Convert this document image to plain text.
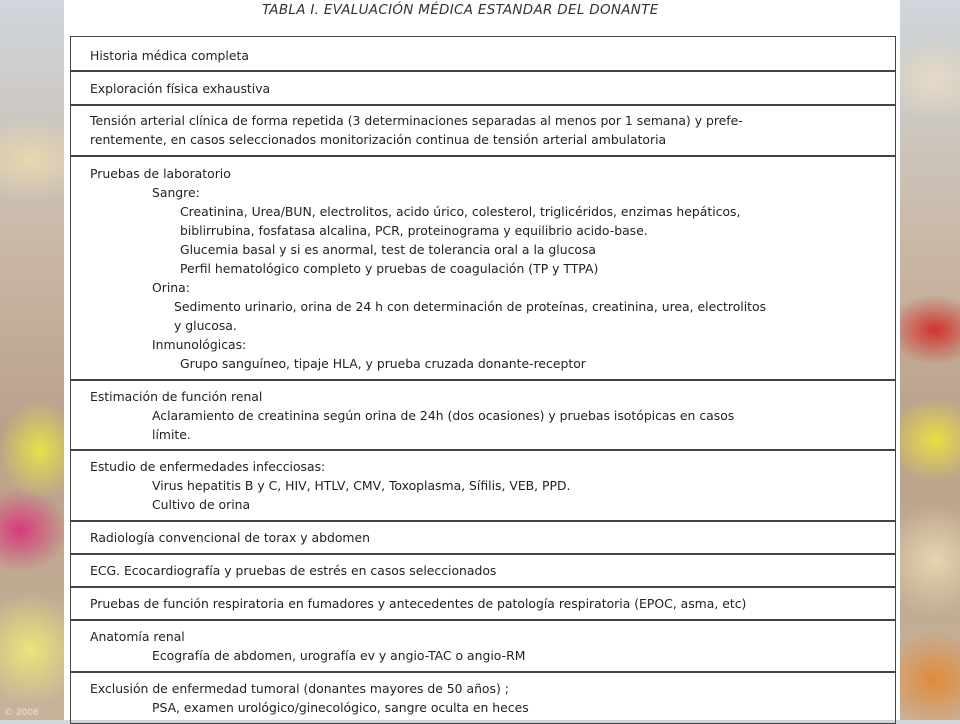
© 2006
TABLA I. EVALUACIÓN MÉDICA ESTANDAR DEL DONANTE
Historia médica completa
Exploración física exhaustiva
Tensión arterial clínica de forma repetida (3 determinaciones separadas al menos por 1 semana) y prefe-
rentemente, en casos seleccionados monitorización continua de tensión arterial ambulatoria
Pruebas de laboratorio
Sangre:
Creatinina, Urea/BUN, electrolitos, acido úrico, colesterol, triglicéridos, enzimas hepáticos,
biblirrubina, fosfatasa alcalina, PCR, proteinograma y equilibrio acido-base.
Glucemia basal y si es anormal, test de tolerancia oral a la glucosa
Perfil hematológico completo y pruebas de coagulación (TP y TTPA)
Orina:
Sedimento urinario, orina de 24 h con determinación de proteínas, creatinina, urea, electrolitos
y glucosa.
Inmunológicas:
Grupo sanguíneo, tipaje HLA, y prueba cruzada donante-receptor
Estimación de función renal
Aclaramiento de creatinina según orina de 24h (dos ocasiones) y pruebas isotópicas en casos
límite.
Estudio de enfermedades infecciosas:
Virus hepatitis B y C, HIV, HTLV, CMV, Toxoplasma, Sífilis, VEB, PPD.
Cultivo de orina
Radiología convencional de torax y abdomen
ECG. Ecocardiografía y pruebas de estrés en casos seleccionados
Pruebas de función respiratoria en fumadores y antecedentes de patología respiratoria (EPOC, asma, etc)
Anatomía renal
Ecografía de abdomen, urografía ev y angio-TAC o angio-RM
Exclusión de enfermedad tumoral (donantes mayores de 50 años) ;
PSA, examen urológico/ginecológico, sangre oculta en heces
